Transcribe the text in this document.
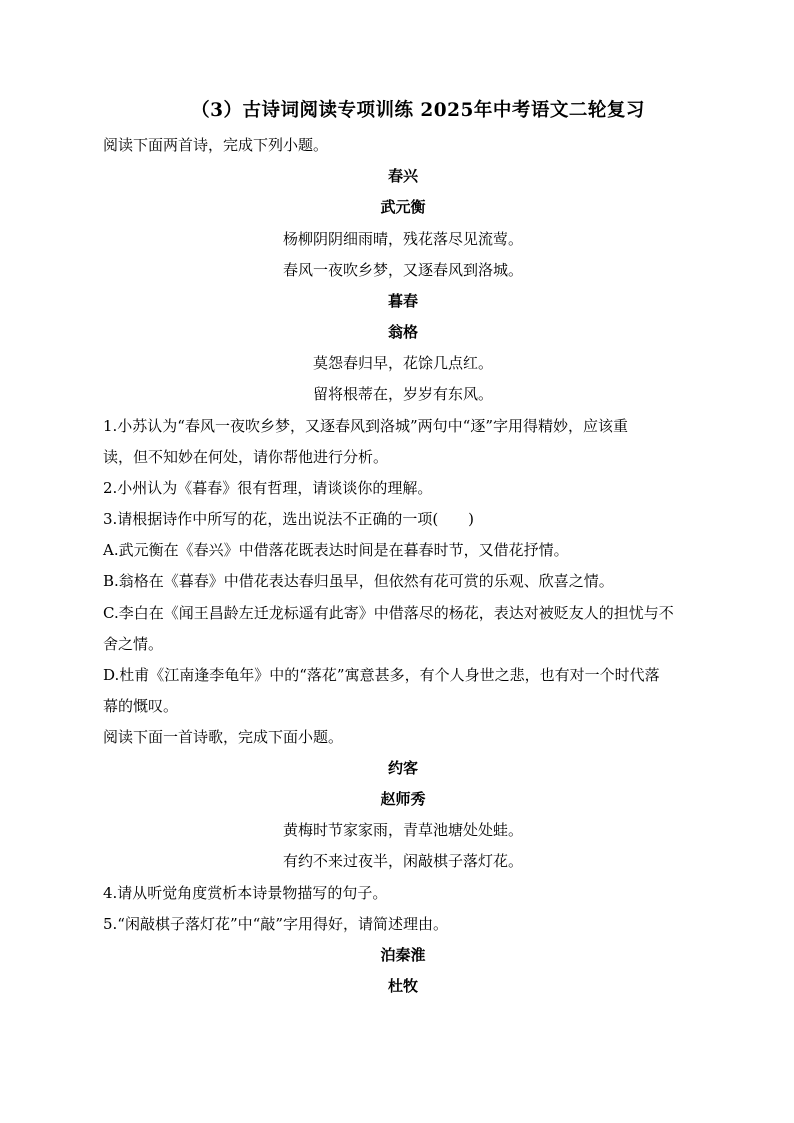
（3）古诗词阅读专项训练 2025年中考语文二轮复习
阅读下面两首诗，完成下列小题。
春兴
武元衡
杨柳阴阴细雨晴，残花落尽见流莺。
春风一夜吹乡梦，又逐春风到洛城。
暮春
翁格
莫怨春归早，花馀几点红。
留将根蒂在，岁岁有东风。
1.小苏认为“春风一夜吹乡梦，又逐春风到洛城”两句中“逐”字用得精妙，应该重
读，但不知妙在何处，请你帮他进行分析。
2.小州认为《暮春》很有哲理，请谈谈你的理解。
3.请根据诗作中所写的花，选出说法不正确的一项(　　)
A.武元衡在《春兴》中借落花既表达时间是在暮春时节，又借花抒情。
B.翁格在《暮春》中借花表达春归虽早，但依然有花可赏的乐观、欣喜之情。
C.李白在《闻王昌龄左迁龙标遥有此寄》中借落尽的杨花，表达对被贬友人的担忧与不
舍之情。
D.杜甫《江南逢李龟年》中的“落花”寓意甚多，有个人身世之悲，也有对一个时代落
幕的慨叹。
阅读下面一首诗歌，完成下面小题。
约客
赵师秀
黄梅时节家家雨，青草池塘处处蛙。
有约不来过夜半，闲敲棋子落灯花。
4.请从听觉角度赏析本诗景物描写的句子。
5.“闲敲棋子落灯花”中“敲”字用得好，请简述理由。
泊秦淮
杜牧
